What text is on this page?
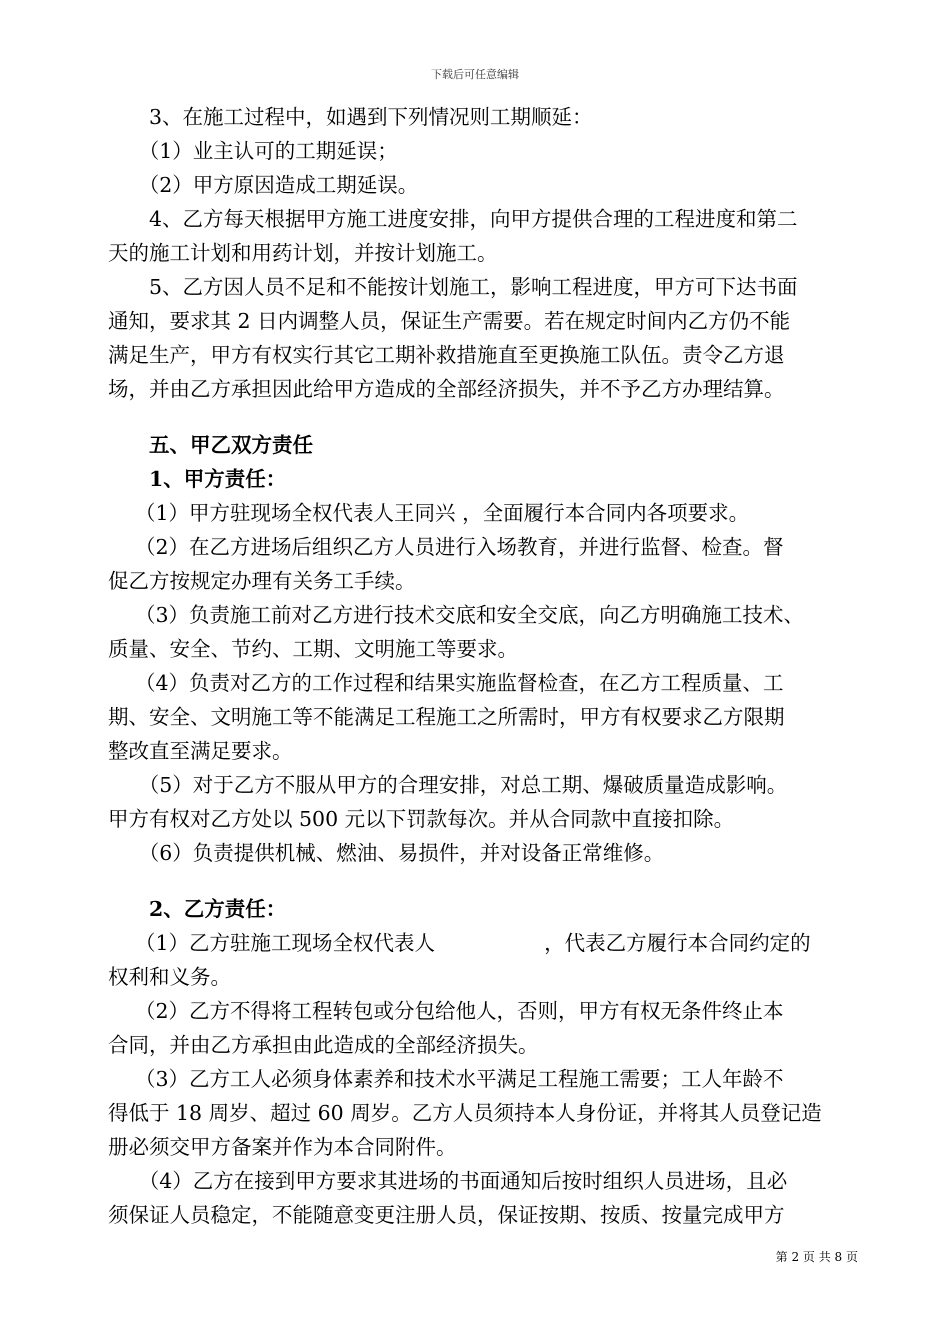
下载后可任意编辑
　　3、在施工过程中，如遇到下列情况则工期顺延：
　　（1）业主认可的工期延误；
　　（2）甲方原因造成工期延误。
　　4、乙方每天根据甲方施工进度安排，向甲方提供合理的工程进度和第二
天的施工计划和用药计划，并按计划施工。
　　5、乙方因人员不足和不能按计划施工，影响工程进度，甲方可下达书面
通知，要求其 2 日内调整人员，保证生产需要。若在规定时间内乙方仍不能
满足生产，甲方有权实行其它工期补救措施直至更换施工队伍。责令乙方退
场，并由乙方承担因此给甲方造成的全部经济损失，并不予乙方办理结算。
　　五、甲乙双方责任
　　1、甲方责任：
　 （1）甲方驻现场全权代表人王同兴 ，全面履行本合同内各项要求。
　 （2）在乙方进场后组织乙方人员进行入场教育，并进行监督、检查。督
促乙方按规定办理有关务工手续。
　 （3）负责施工前对乙方进行技术交底和安全交底，向乙方明确施工技术、
质量、安全、节约、工期、文明施工等要求。
　 （4）负责对乙方的工作过程和结果实施监督检查，在乙方工程质量、工
期、安全、文明施工等不能满足工程施工之所需时，甲方有权要求乙方限期
整改直至满足要求。
　　（5）对于乙方不服从甲方的合理安排，对总工期、爆破质量造成影响。
甲方有权对乙方处以 500 元以下罚款每次。并从合同款中直接扣除。
　　（6）负责提供机械、燃油、易损件，并对设备正常维修。
　　2、乙方责任：
　 （1）乙方驻施工现场全权代表人　　　　　 ，代表乙方履行本合同约定的
权利和义务。
　 （2）乙方不得将工程转包或分包给他人，否则，甲方有权无条件终止本
合同，并由乙方承担由此造成的全部经济损失。
　 （3）乙方工人必须身体素养和技术水平满足工程施工需要；工人年龄不
得低于 18 周岁、超过 60 周岁。乙方人员须持本人身份证，并将其人员登记造
册必须交甲方备案并作为本合同附件。
　　（4）乙方在接到甲方要求其进场的书面通知后按时组织人员进场，且必
须保证人员稳定，不能随意变更注册人员，保证按期、按质、按量完成甲方
第 2 页 共 8 页
